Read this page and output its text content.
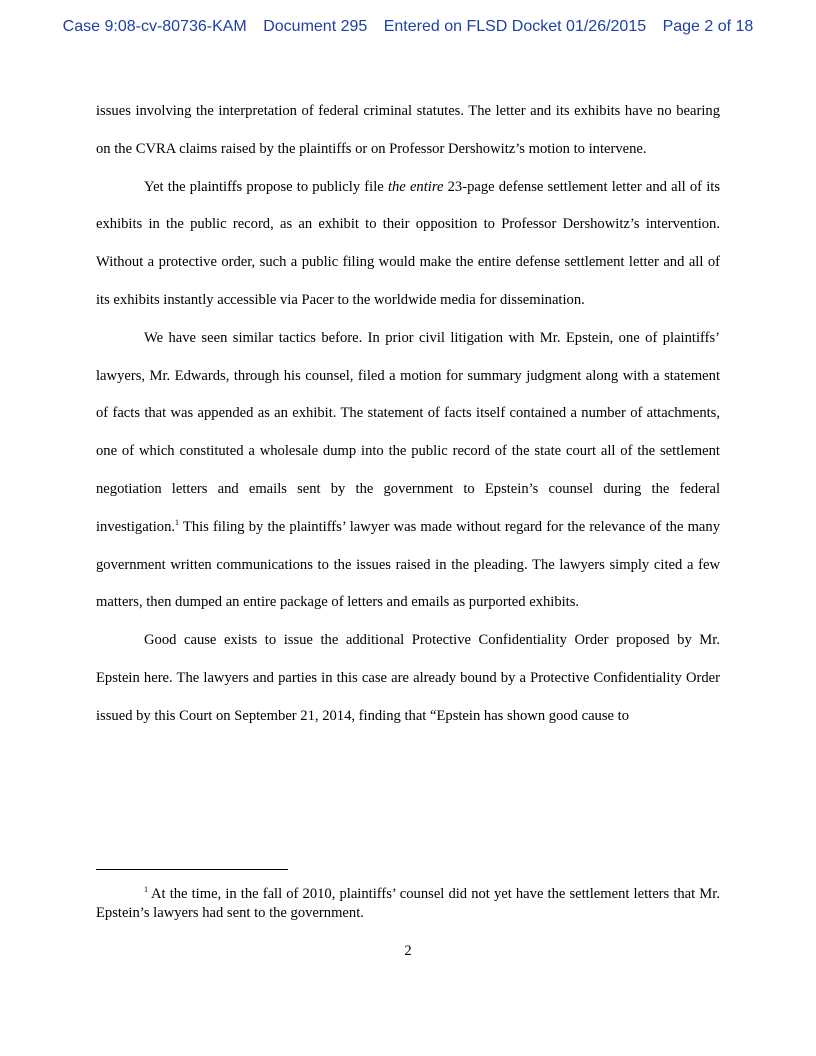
Case 9:08-cv-80736-KAM Document 295 Entered on FLSD Docket 01/26/2015 Page 2 of 18

issues involving the interpretation of federal criminal statutes. The letter and its exhibits have no bearing on the CVRA claims raised by the plaintiffs or on Professor Dershowitz’s motion to intervene.

Yet the plaintiffs propose to publicly file the entire 23-page defense settlement letter and all of its exhibits in the public record, as an exhibit to their opposition to Professor Dershowitz’s intervention. Without a protective order, such a public filing would make the entire defense settlement letter and all of its exhibits instantly accessible via Pacer to the worldwide media for dissemination.

We have seen similar tactics before. In prior civil litigation with Mr. Epstein, one of plaintiffs’ lawyers, Mr. Edwards, through his counsel, filed a motion for summary judgment along with a statement of facts that was appended as an exhibit. The statement of facts itself contained a number of attachments, one of which constituted a wholesale dump into the public record of the state court all of the settlement negotiation letters and emails sent by the government to Epstein’s counsel during the federal investigation.$^1$ This filing by the plaintiffs’ lawyer was made without regard for the relevance of the many government written communications to the issues raised in the pleading. The lawyers simply cited a few matters, then dumped an entire package of letters and emails as purported exhibits.

Good cause exists to issue the additional Protective Confidentiality Order proposed by Mr. Epstein here. The lawyers and parties in this case are already bound by a Protective Confidentiality Order issued by this Court on September 21, 2014, finding that “Epstein has shown good cause to

$^1$ At the time, in the fall of 2010, plaintiffs’ counsel did not yet have the settlement letters that Mr. Epstein’s lawyers had sent to the government.
2
